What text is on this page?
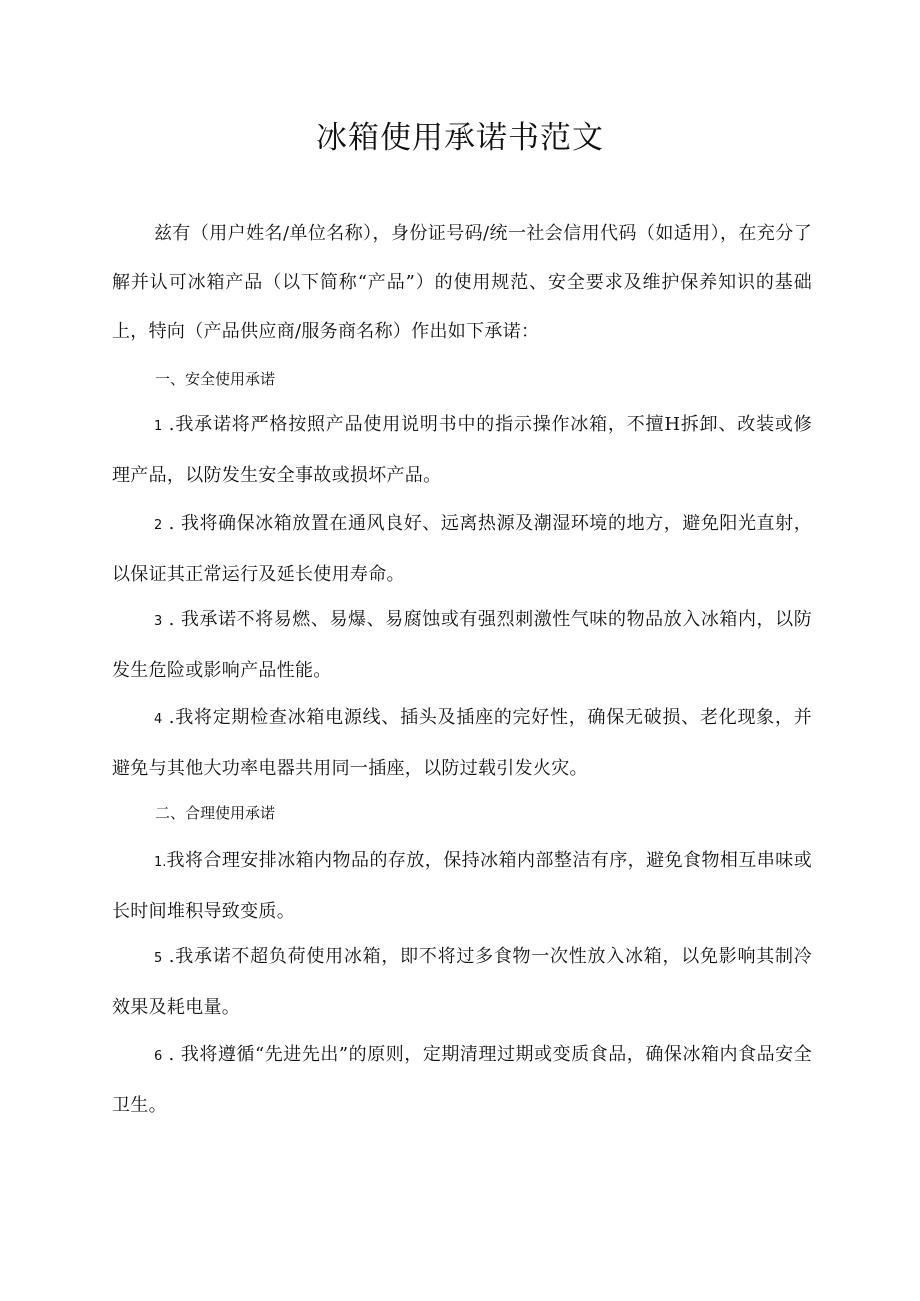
冰箱使用承诺书范文

兹有（用户姓名/单位名称），身份证号码/统一社会信用代码（如适用），在充分了解并认可冰箱产品（以下简称“产品”）的使用规范、安全要求及维护保养知识的基础上，特向（产品供应商/服务商名称）作出如下承诺：

一、安全使用承诺

1 .我承诺将严格按照产品使用说明书中的指示操作冰箱，不擅H拆卸、改装或修理产品，以防发生安全事故或损坏产品。

2 . 我将确保冰箱放置在通风良好、远离热源及潮湿环境的地方，避免阳光直射，以保证其正常运行及延长使用寿命。

3 . 我承诺不将易燃、易爆、易腐蚀或有强烈刺激性气味的物品放入冰箱内，以防发生危险或影响产品性能。

4 .我将定期检查冰箱电源线、插头及插座的完好性，确保无破损、老化现象，并避免与其他大功率电器共用同一插座，以防过载引发火灾。

二、合理使用承诺

1.我将合理安排冰箱内物品的存放，保持冰箱内部整洁有序，避免食物相互串味或长时间堆积导致变质。

5 .我承诺不超负荷使用冰箱，即不将过多食物一次性放入冰箱，以免影响其制冷效果及耗电量。

6 . 我将遵循“先进先出”的原则，定期清理过期或变质食品，确保冰箱内食品安全卫生。
